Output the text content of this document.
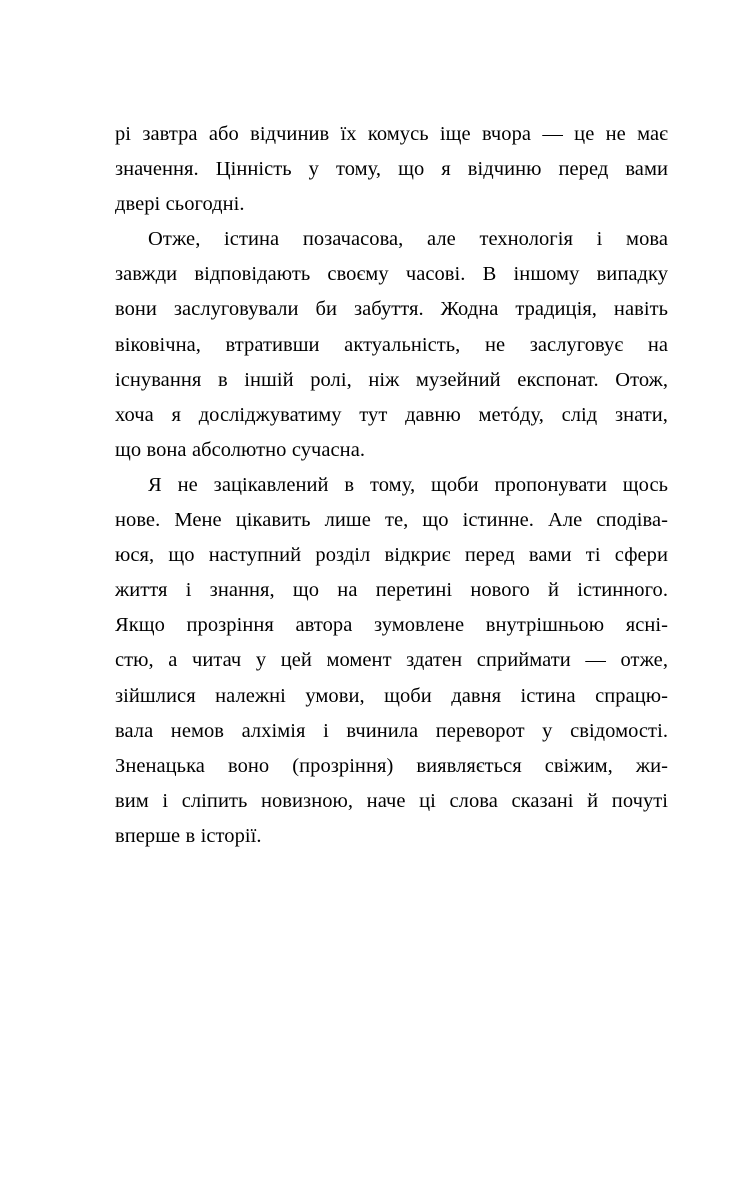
рі завтра або відчинив їх комусь іще вчора — це не має
значення. Цінність у тому, що я відчиню перед вами
двері сьогодні.

Отже, істина позачасова, але технологія і мова
завжди відповідають своєму часові. В іншому випадку
вони заслуговували би забуття. Жодна традиція, навіть
віковічна, втративши актуальність, не заслуговує на
існування в іншій ролі, ніж музейний експонат. Отож,
хоча я досліджуватиму тут давню метóду, слід знати,
що вона абсолютно сучасна.

Я не зацікавлений в тому, щоби пропонувати щось
нове. Мене цікавить лише те, що істинне. Але сподіва-
юся, що наступний розділ відкриє перед вами ті сфери
життя і знання, що на перетині нового й істинного.
Якщо прозріння автора зумовлене внутрішньою ясні-
стю, а читач у цей момент здатен сприймати — отже,
зійшлися належні умови, щоби давня істина спрацю-
вала немов алхімія і вчинила переворот у свідомості.
Зненацька воно (прозріння) виявляється свіжим, жи-
вим і сліпить новизною, наче ці слова сказані й почуті
вперше в історії.
